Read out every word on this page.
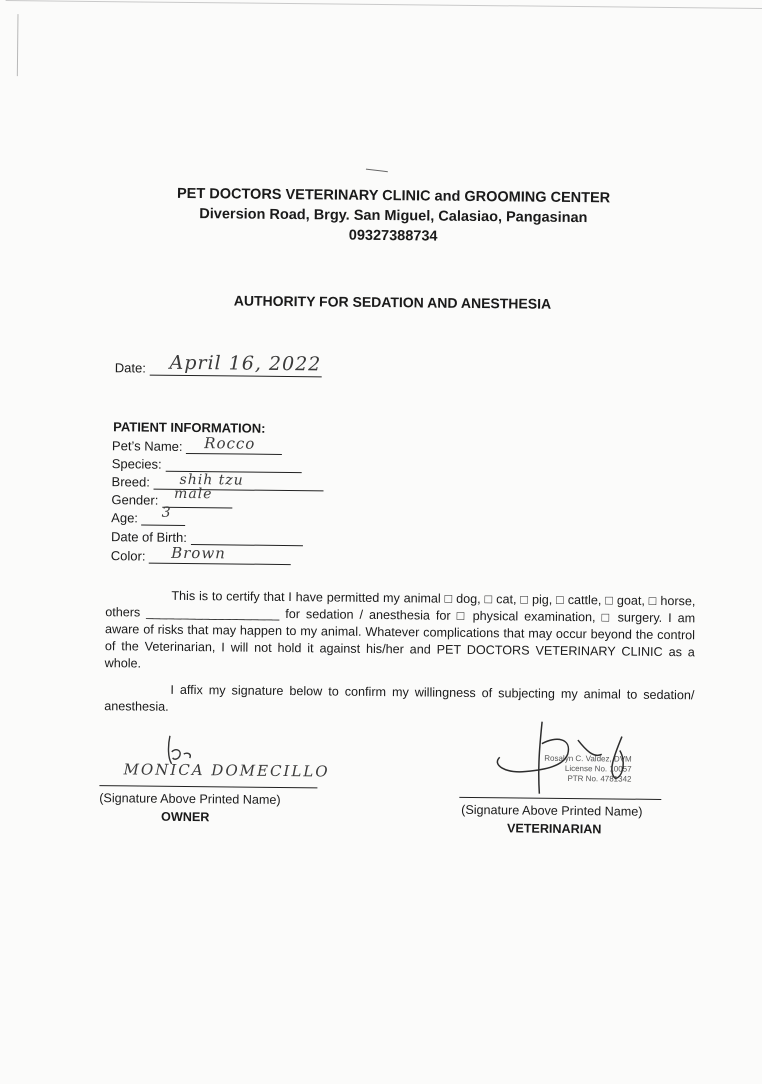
PET DOCTORS VETERINARY CLINIC and GROOMING CENTER
Diversion Road, Brgy. San Miguel, Calasiao, Pangasinan
09327388734
AUTHORITY FOR SEDATION AND ANESTHESIA
Date: April 16, 2022
PATIENT INFORMATION:
Pet’s Name: Rocco
Species:
Breed: shih tzu
Gender: male
Age: 3
Date of Birth:
Color: Brown
This is to certify that I have permitted my animal □ dog, □ cat, □ pig, □ cattle, □ goat, □ horse, others ___________________ for sedation / anesthesia for □ physical examination, □ surgery. I am aware of risks that may happen to my animal. Whatever complications that may occur beyond the control of the Veterinarian, I will not hold it against his/her and PET DOCTORS VETERINARY CLINIC as a whole.
I affix my signature below to confirm my willingness of subjecting my animal to sedation/ anesthesia.
MONICA DOMECILLO
(Signature Above Printed Name)
OWNER
Rosalyn C. Valdez, DVM
License No. 10057
PTR No. 4781342
(Signature Above Printed Name)
VETERINARIAN
